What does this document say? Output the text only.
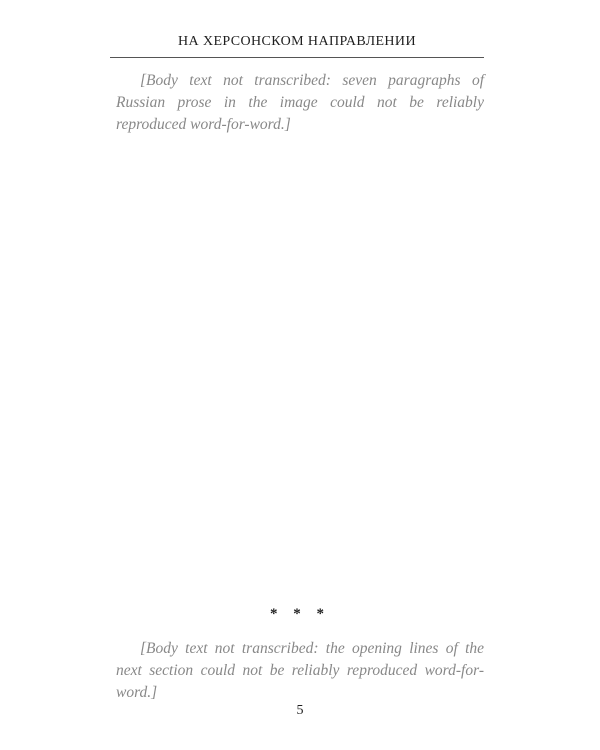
НА ХЕРСОНСКОМ НАПРАВЛЕНИИ

[Body text not transcribed: seven paragraphs of Russian prose in the image could not be reliably reproduced word-for-word.]

* * *

[Body text not transcribed: the opening lines of the next section could not be reliably reproduced word-for-word.]

5
